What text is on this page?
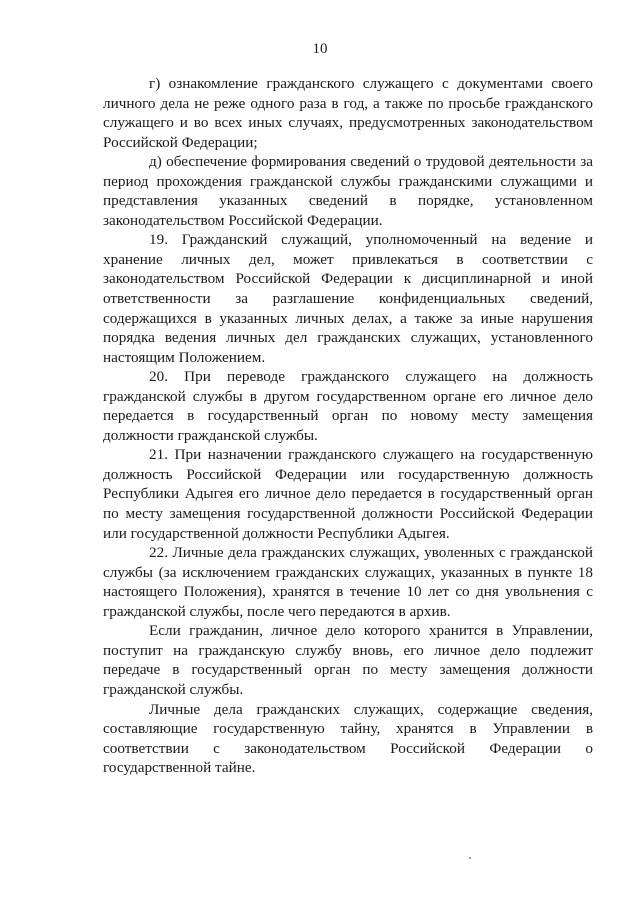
10

г) ознакомление гражданского служащего с документами своего личного дела не реже одного раза в год, а также по просьбе гражданского служащего и во всех иных случаях, предусмотренных законодательством Российской Федерации;

д) обеспечение формирования сведений о трудовой деятельности за период прохождения гражданской службы гражданскими служащими и представления указанных сведений в порядке, установленном законодательством Российской Федерации.

19. Гражданский служащий, уполномоченный на ведение и хранение личных дел, может привлекаться в соответствии с законодательством Российской Федерации к дисциплинарной и иной ответственности за разглашение конфиденциальных сведений, содержащихся в указанных личных делах, а также за иные нарушения порядка ведения личных дел гражданских служащих, установленного настоящим Положением.

20. При переводе гражданского служащего на должность гражданской службы в другом государственном органе его личное дело передается в государственный орган по новому месту замещения должности гражданской службы.

21. При назначении гражданского служащего на государственную должность Российской Федерации или государственную должность Республики Адыгея его личное дело передается в государственный орган по месту замещения государственной должности Российской Федерации или государственной должности Республики Адыгея.

22. Личные дела гражданских служащих, уволенных с гражданской службы (за исключением гражданских служащих, указанных в пункте 18 настоящего Положения), хранятся в течение 10 лет со дня увольнения с гражданской службы, после чего передаются в архив.

Если гражданин, личное дело которого хранится в Управлении, поступит на гражданскую службу вновь, его личное дело подлежит передаче в государственный орган по месту замещения должности гражданской службы.

Личные дела гражданских служащих, содержащие сведения, составляющие государственную тайну, хранятся в Управлении в соответствии с законодательством Российской Федерации о государственной тайне.
